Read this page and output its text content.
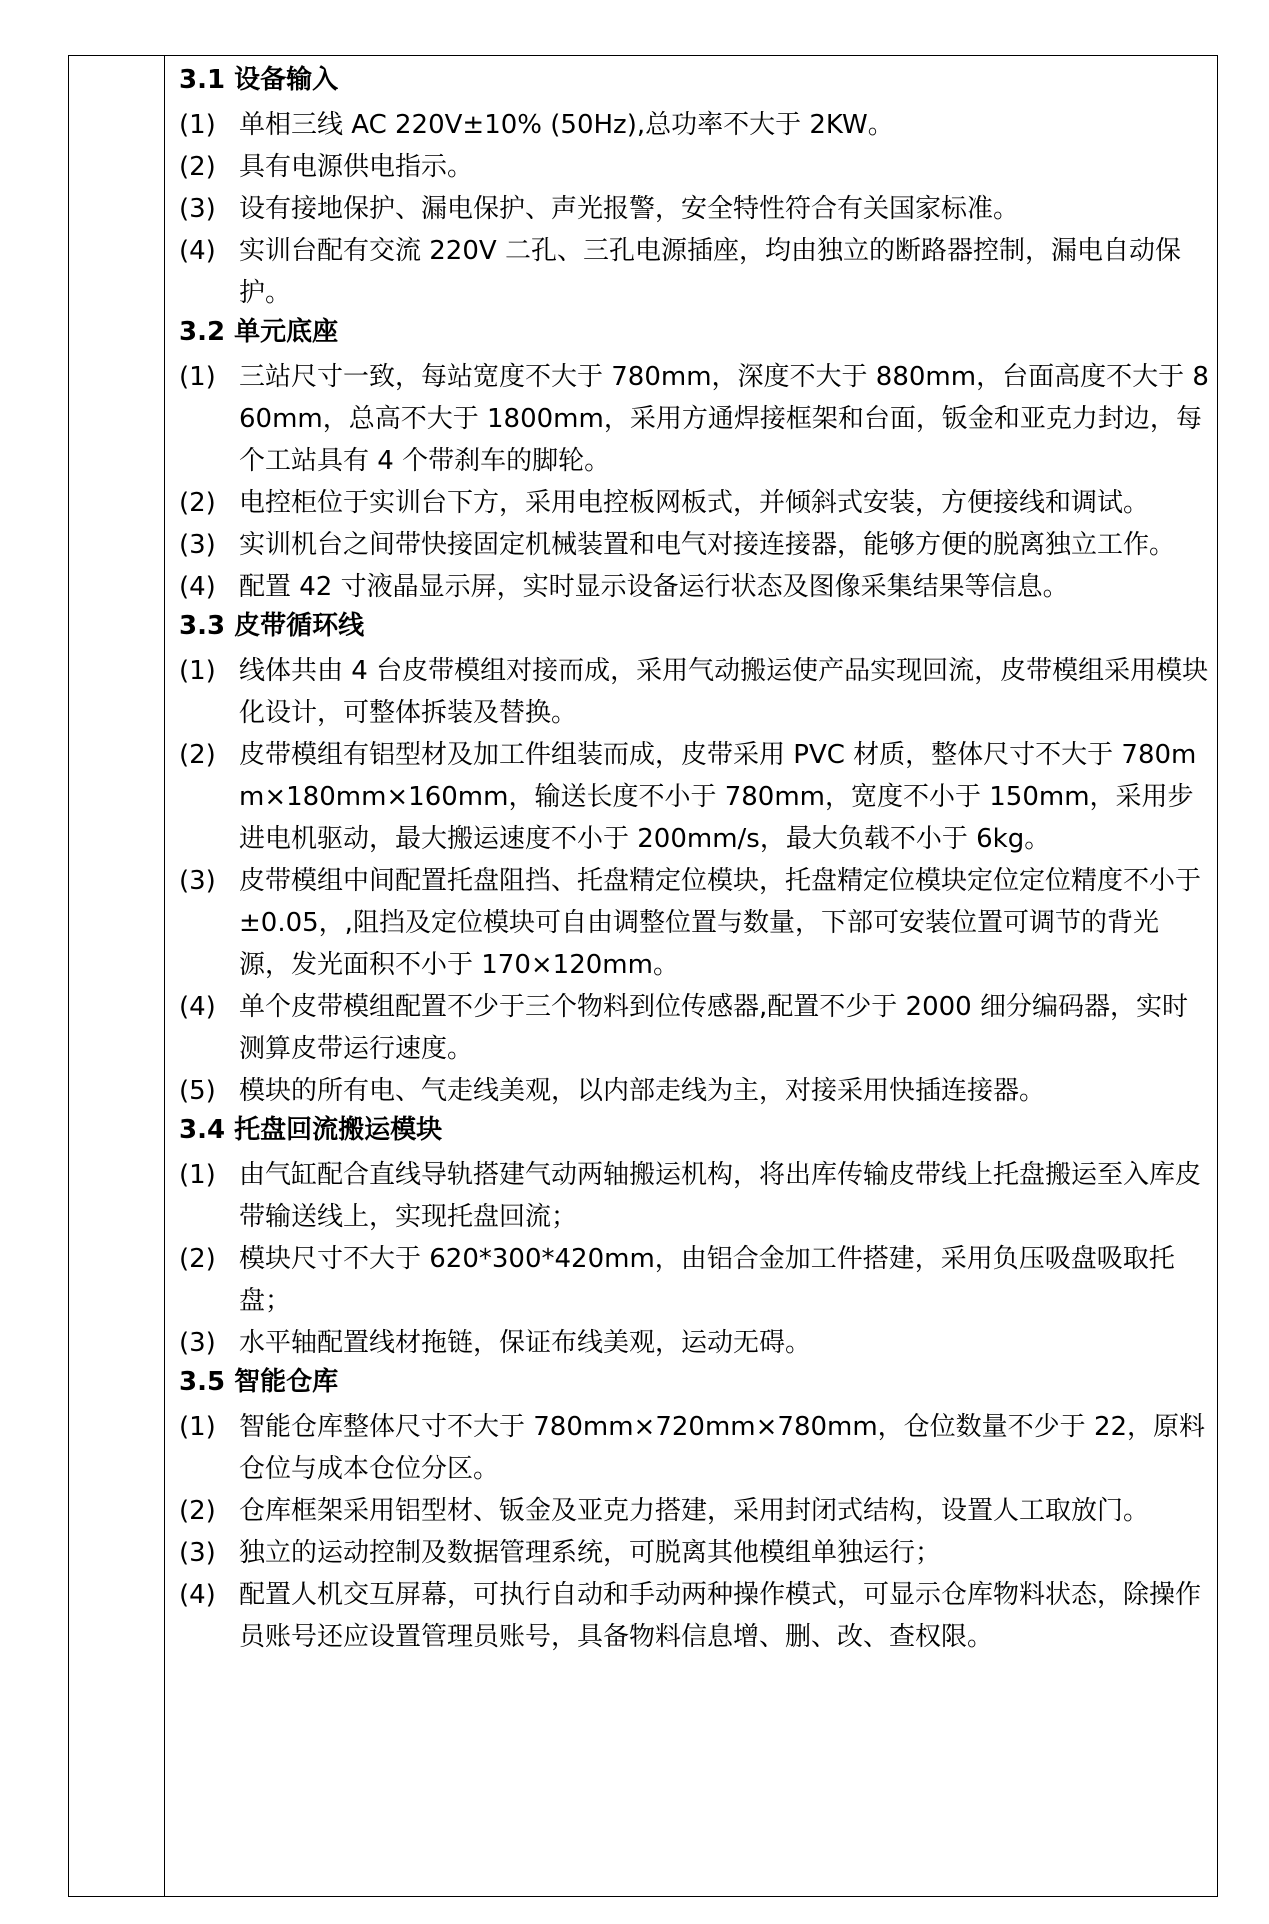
3.1 设备输入
(1) 单相三线 AC 220V±10% (50Hz),总功率不大于 2KW。
(2) 具有电源供电指示。
(3) 设有接地保护、漏电保护、声光报警，安全特性符合有关国家标准。
(4) 实训台配有交流 220V 二孔、三孔电源插座，均由独立的断路器控制，漏电自动保护。
3.2 单元底座
(1) 三站尺寸一致，每站宽度不大于 780mm，深度不大于 880mm，台面高度不大于 860mm，总高不大于 1800mm，采用方通焊接框架和台面，钣金和亚克力封边，每个工站具有 4 个带刹车的脚轮。
(2) 电控柜位于实训台下方，采用电控板网板式，并倾斜式安装，方便接线和调试。
(3) 实训机台之间带快接固定机械装置和电气对接连接器，能够方便的脱离独立工作。
(4) 配置 42 寸液晶显示屏，实时显示设备运行状态及图像采集结果等信息。
3.3 皮带循环线
(1) 线体共由 4 台皮带模组对接而成，采用气动搬运使产品实现回流，皮带模组采用模块化设计，可整体拆装及替换。
(2) 皮带模组有铝型材及加工件组装而成，皮带采用 PVC 材质，整体尺寸不大于 780mm×180mm×160mm，输送长度不小于 780mm，宽度不小于 150mm，采用步进电机驱动，最大搬运速度不小于 200mm/s，最大负载不小于 6kg。
(3) 皮带模组中间配置托盘阻挡、托盘精定位模块，托盘精定位模块定位定位精度不小于±0.05，,阻挡及定位模块可自由调整位置与数量，下部可安装位置可调节的背光源，发光面积不小于 170×120mm。
(4) 单个皮带模组配置不少于三个物料到位传感器,配置不少于 2000 细分编码器，实时测算皮带运行速度。
(5) 模块的所有电、气走线美观，以内部走线为主，对接采用快插连接器。
3.4 托盘回流搬运模块
(1) 由气缸配合直线导轨搭建气动两轴搬运机构，将出库传输皮带线上托盘搬运至入库皮带输送线上，实现托盘回流；
(2) 模块尺寸不大于 620*300*420mm，由铝合金加工件搭建，采用负压吸盘吸取托盘；
(3) 水平轴配置线材拖链，保证布线美观，运动无碍。
3.5 智能仓库
(1) 智能仓库整体尺寸不大于 780mm×720mm×780mm，仓位数量不少于 22，原料仓位与成本仓位分区。
(2) 仓库框架采用铝型材、钣金及亚克力搭建，采用封闭式结构，设置人工取放门。
(3) 独立的运动控制及数据管理系统，可脱离其他模组单独运行；
(4) 配置人机交互屏幕，可执行自动和手动两种操作模式，可显示仓库物料状态，除操作员账号还应设置管理员账号，具备物料信息增、删、改、查权限。
